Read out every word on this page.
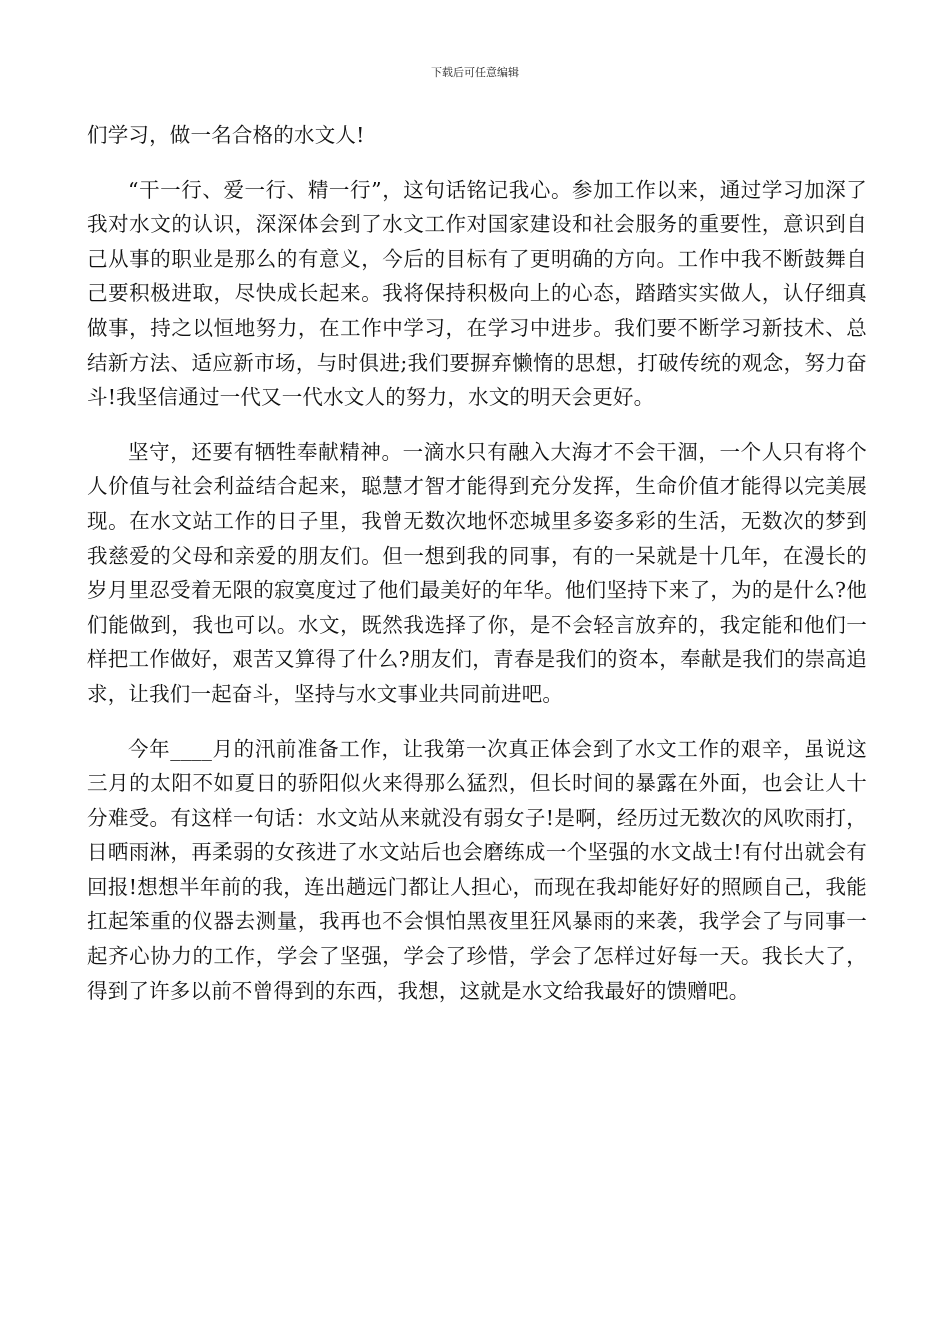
下载后可任意编辑

们学习，做一名合格的水文人!

“干一行、爱一行、精一行”，这句话铭记我心。参加工作以来，通过学习加深了我对水文的认识，深深体会到了水文工作对国家建设和社会服务的重要性，意识到自己从事的职业是那么的有意义，今后的目标有了更明确的方向。工作中我不断鼓舞自己要积极进取，尽快成长起来。我将保持积极向上的心态，踏踏实实做人，认仔细真做事，持之以恒地努力，在工作中学习，在学习中进步。我们要不断学习新技术、总结新方法、适应新市场，与时俱进;我们要摒弃懒惰的思想，打破传统的观念，努力奋斗!我坚信通过一代又一代水文人的努力，水文的明天会更好。

坚守，还要有牺牲奉献精神。一滴水只有融入大海才不会干涸，一个人只有将个人价值与社会利益结合起来，聪慧才智才能得到充分发挥，生命价值才能得以完美展现。在水文站工作的日子里，我曾无数次地怀恋城里多姿多彩的生活，无数次的梦到我慈爱的父母和亲爱的朋友们。但一想到我的同事，有的一呆就是十几年，在漫长的岁月里忍受着无限的寂寞度过了他们最美好的年华。他们坚持下来了，为的是什么?他们能做到，我也可以。水文，既然我选择了你，是不会轻言放弃的，我定能和他们一样把工作做好，艰苦又算得了什么?朋友们，青春是我们的资本，奉献是我们的崇高追求，让我们一起奋斗，坚持与水文事业共同前进吧。

今年____月的汛前准备工作，让我第一次真正体会到了水文工作的艰辛，虽说这三月的太阳不如夏日的骄阳似火来得那么猛烈，但长时间的暴露在外面，也会让人十分难受。有这样一句话：水文站从来就没有弱女子!是啊，经历过无数次的风吹雨打，日晒雨淋，再柔弱的女孩进了水文站后也会磨练成一个坚强的水文战士!有付出就会有回报!想想半年前的我，连出趟远门都让人担心，而现在我却能好好的照顾自己，我能扛起笨重的仪器去测量，我再也不会惧怕黑夜里狂风暴雨的来袭，我学会了与同事一起齐心协力的工作，学会了坚强，学会了珍惜，学会了怎样过好每一天。我长大了，得到了许多以前不曾得到的东西，我想，这就是水文给我最好的馈赠吧。
